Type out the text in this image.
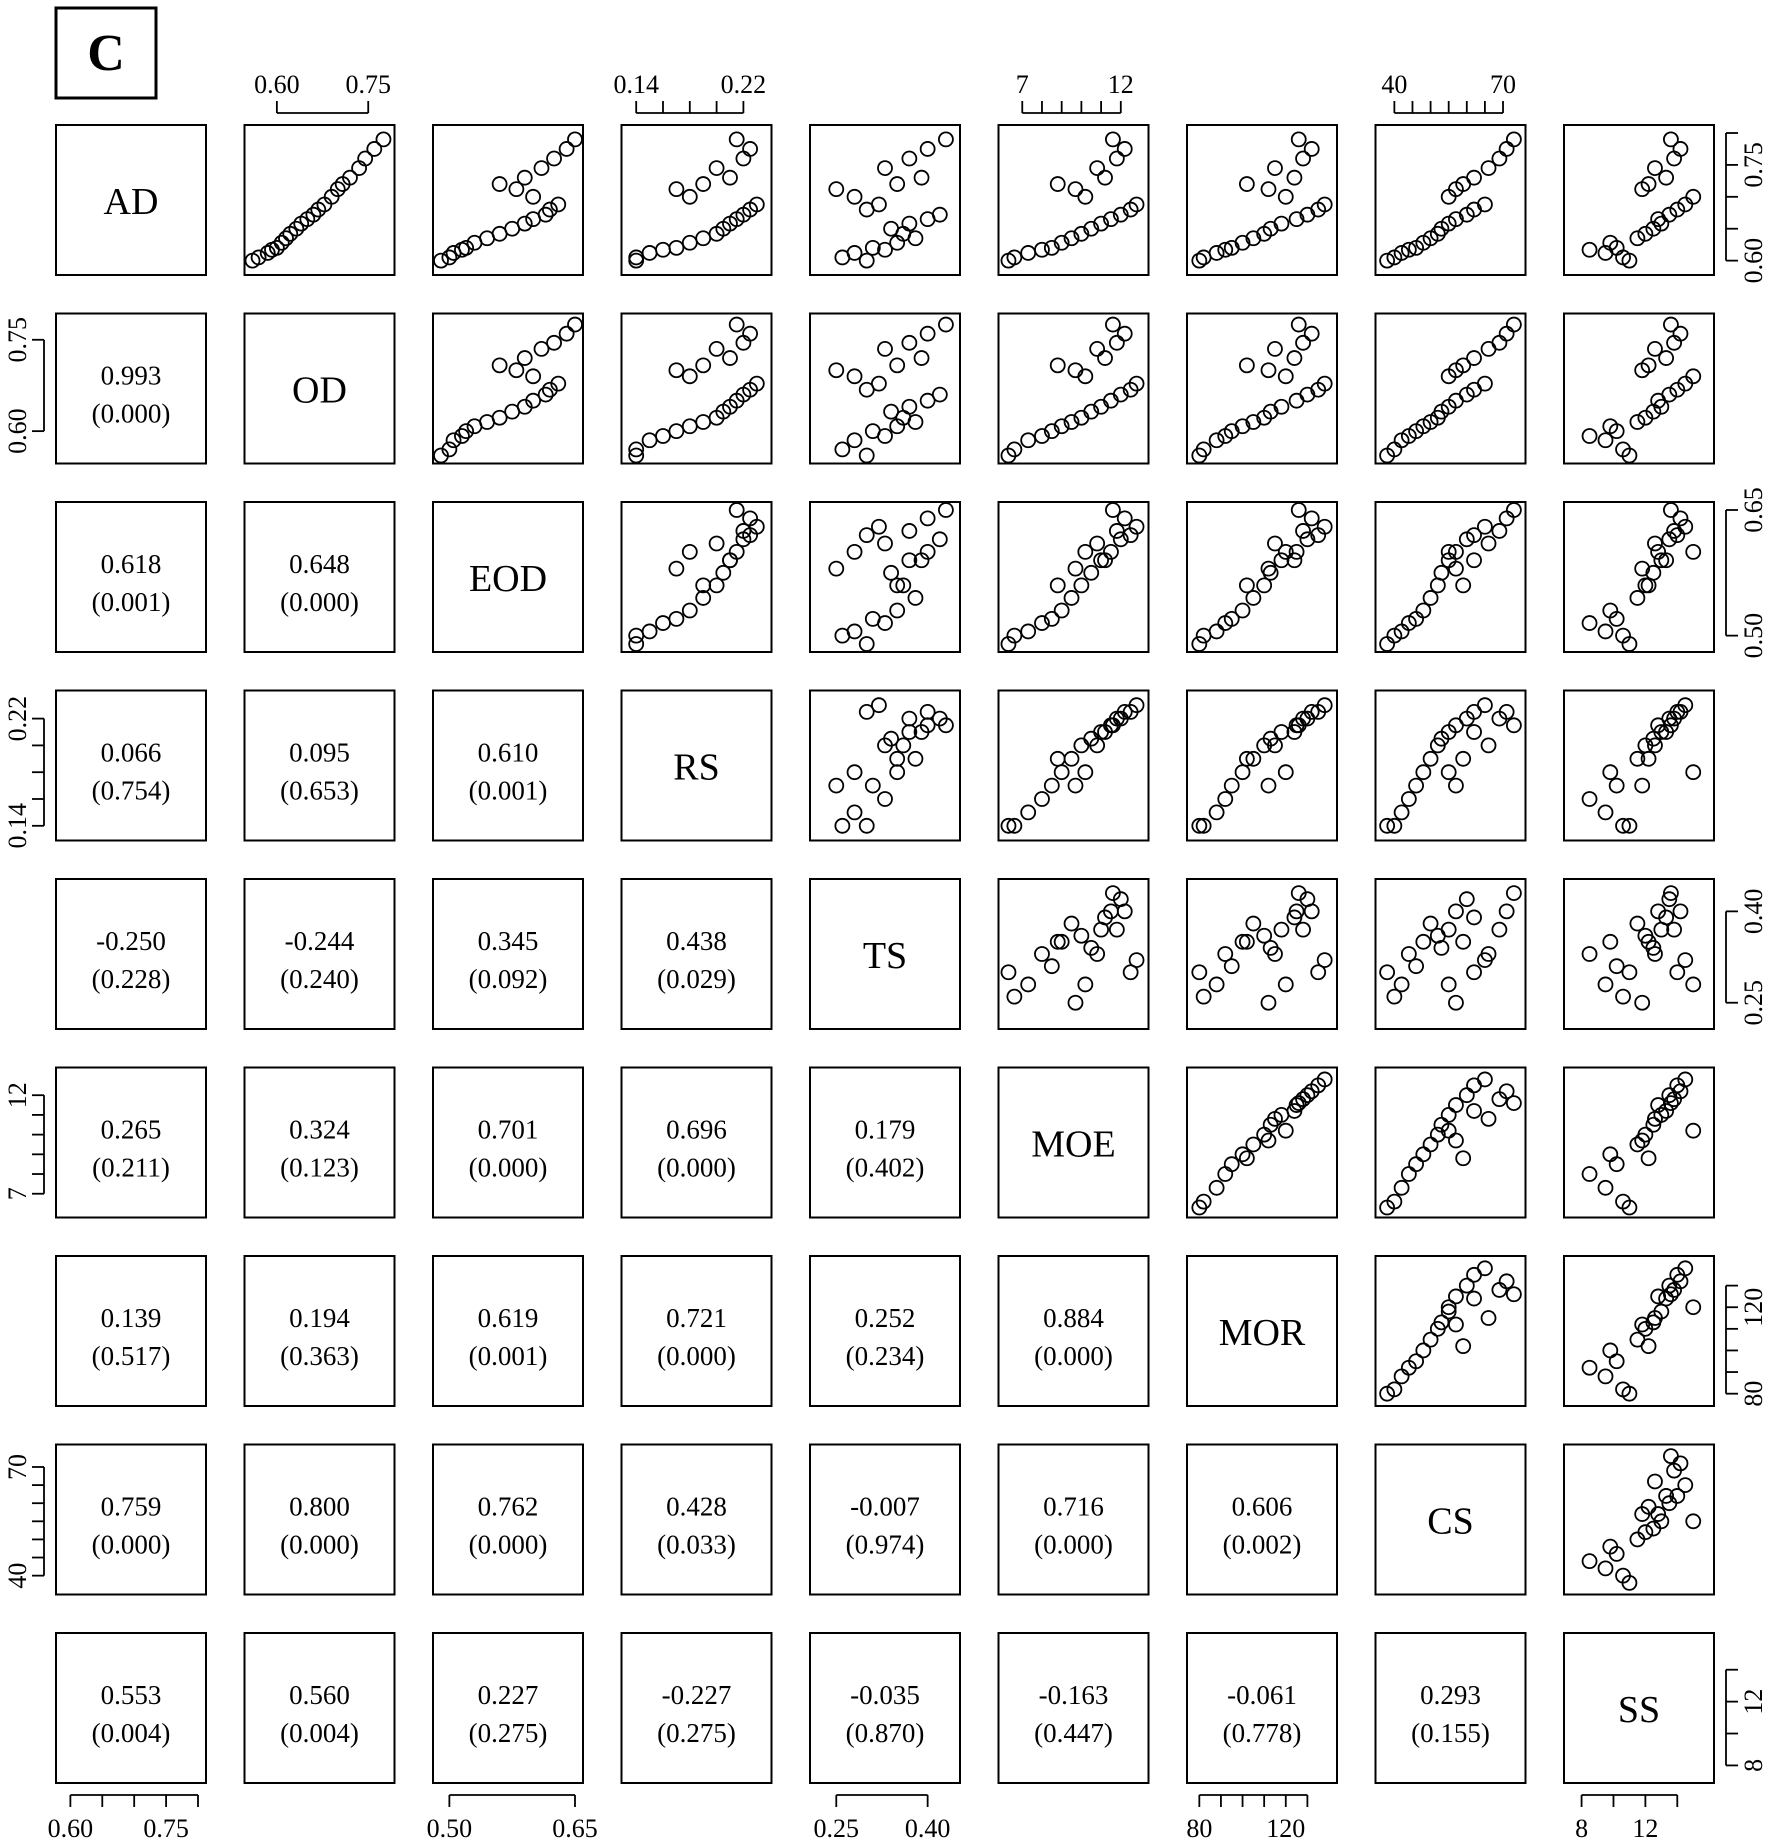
C
AD
0.993
(0.000)
OD
0.618
(0.001)
0.648
(0.000)
EOD
0.066
(0.754)
0.095
(0.653)
0.610
(0.001)
RS
-0.250
(0.228)
-0.244
(0.240)
0.345
(0.092)
0.438
(0.029)
TS
0.265
(0.211)
0.324
(0.123)
0.701
(0.000)
0.696
(0.000)
0.179
(0.402)
MOE
0.139
(0.517)
0.194
(0.363)
0.619
(0.001)
0.721
(0.000)
0.252
(0.234)
0.884
(0.000)
MOR
0.759
(0.000)
0.800
(0.000)
0.762
(0.000)
0.428
(0.033)
-0.007
(0.974)
0.716
(0.000)
0.606
(0.002)
CS
0.553
(0.004)
0.560
(0.004)
0.227
(0.275)
-0.227
(0.275)
-0.035
(0.870)
-0.163
(0.447)
-0.061
(0.778)
0.293
(0.155)
SS
0.60 0.75
0.60
0.75
0.60 0.75
0.60
0.75
0.50	0.65
0.50
0.65
0.14 0.22
0.14
0.22
0.25 0.40
0.25
0.40
7	12
7
12
80 120
80
120
40	70
40
70
8 12
8
12
